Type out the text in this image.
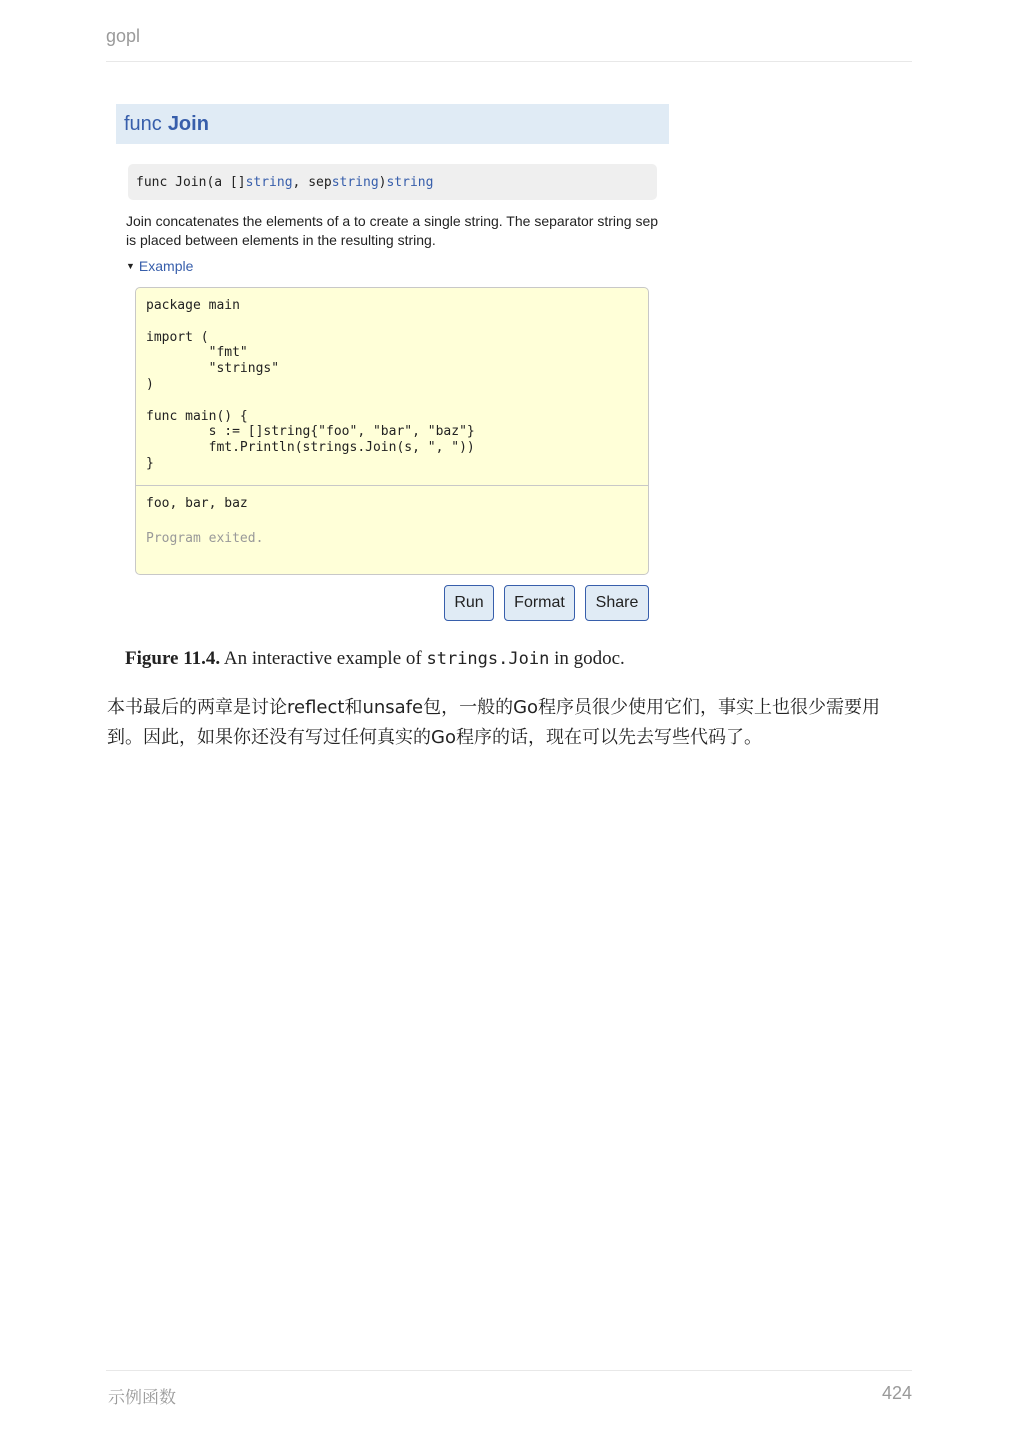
gopl
func Join
func Join(a [] string , sep string ) string
Join concatenates the elements of a to create a single string. The separator string sep is placed between elements in the resulting string.
▼ Example
package main

import (
"fmt"
"strings"
)

func main() {
s := []string{"foo", "bar", "baz"}
fmt.Println(strings.Join(s, ", "))
}
foo, bar, baz
Program exited.
Run	Format	Share
Figure 11.4. An interactive example of strings.Join in godoc.
本书最后的两章是讨论reflect和unsafe包，一般的Go程序员很少使用它们，事实上也很少需要用到。因此，如果你还没有写过任何真实的Go程序的话，现在可以先去写些代码了。
示例函数	424
